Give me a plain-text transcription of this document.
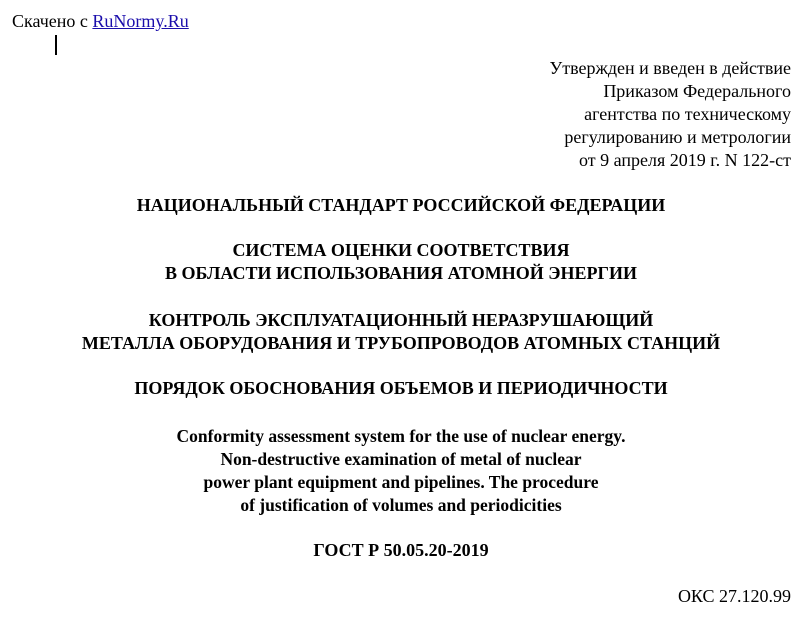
Скачено с RuNormy.Ru
Утвержден и введен в действие
Приказом Федерального
агентства по техническому
регулированию и метрологии
от 9 апреля 2019 г. N 122-ст
НАЦИОНАЛЬНЫЙ СТАНДАРТ РОССИЙСКОЙ ФЕДЕРАЦИИ
СИСТЕМА ОЦЕНКИ СООТВЕТСТВИЯ
В ОБЛАСТИ ИСПОЛЬЗОВАНИЯ АТОМНОЙ ЭНЕРГИИ
КОНТРОЛЬ ЭКСПЛУАТАЦИОННЫЙ НЕРАЗРУШАЮЩИЙ
МЕТАЛЛА ОБОРУДОВАНИЯ И ТРУБОПРОВОДОВ АТОМНЫХ СТАНЦИЙ
ПОРЯДОК ОБОСНОВАНИЯ ОБЪЕМОВ И ПЕРИОДИЧНОСТИ
Conformity assessment system for the use of nuclear energy.
Non-destructive examination of metal of nuclear
power plant equipment and pipelines. The procedure
of justification of volumes and periodicities
ГОСТ Р 50.05.20-2019
ОКС 27.120.99
